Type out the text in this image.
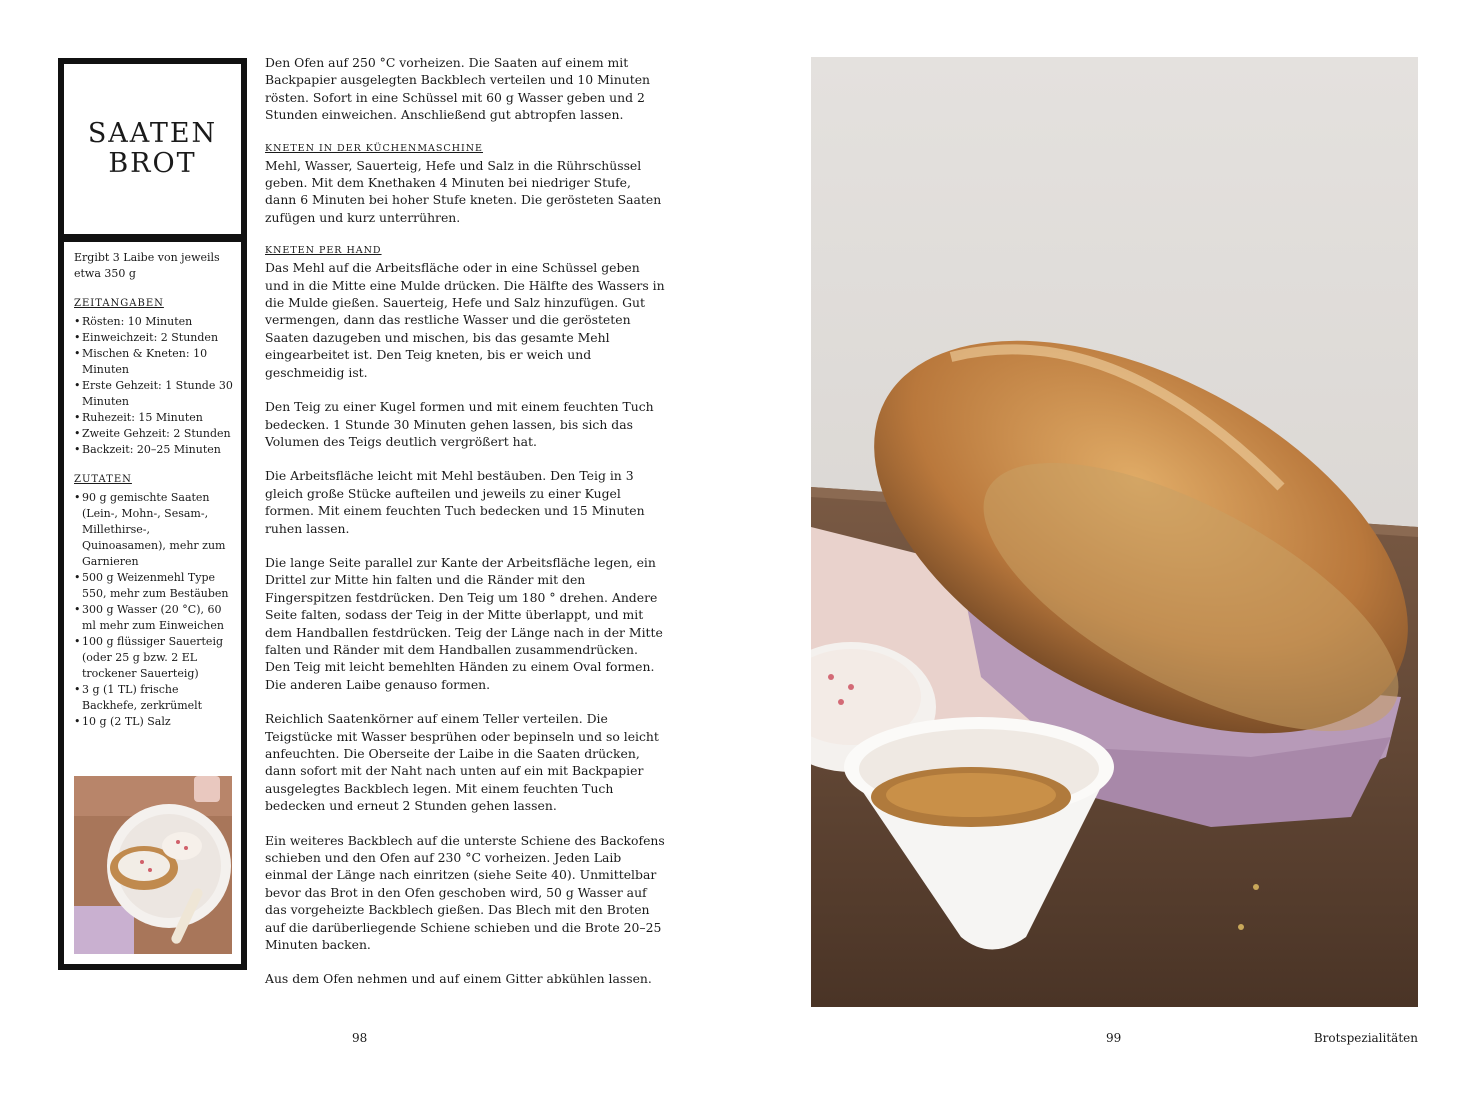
SAATEN
BROT
Ergibt 3 Laibe von jeweils etwa 350 g
ZEITANGABEN
• Rösten: 10 Minuten
• Einweichzeit: 2 Stunden
• Mischen & Kneten: 10 Minuten
• Erste Gehzeit: 1 Stunde 30 Minuten
• Ruhezeit: 15 Minuten
• Zweite Gehzeit: 2 Stunden
• Backzeit: 20–25 Minuten
ZUTATEN
• 90 g gemischte Saaten (Lein-, Mohn-, Sesam-, Millethirse-, Quinoasamen), mehr zum Garnieren
• 500 g Weizenmehl Type 550, mehr zum Bestäuben
• 300 g Wasser (20 °C), 60 ml mehr zum Einweichen
• 100 g flüssiger Sauerteig (oder 25 g bzw. 2 EL trockener Sauerteig)
• 3 g (1 TL) frische Backhefe, zerkrümelt
• 10 g (2 TL) Salz

Den Ofen auf 250 °C vorheizen. Die Saaten auf einem mit Backpapier ausgelegten Backblech verteilen und 10 Minuten rösten. Sofort in eine Schüssel mit 60 g Wasser geben und 2 Stunden einweichen. Anschließend gut abtropfen lassen.

KNETEN IN DER KÜCHENMASCHINE

Mehl, Wasser, Sauerteig, Hefe und Salz in die Rührschüssel geben. Mit dem Knethaken 4 Minuten bei niedriger Stufe, dann 6 Minuten bei hoher Stufe kneten. Die gerösteten Saaten zufügen und kurz unterrühren.

KNETEN PER HAND

Das Mehl auf die Arbeitsfläche oder in eine Schüssel geben und in die Mitte eine Mulde drücken. Die Hälfte des Wassers in die Mulde gießen. Sauerteig, Hefe und Salz hinzufügen. Gut vermengen, dann das restliche Wasser und die gerösteten Saaten dazugeben und mischen, bis das gesamte Mehl eingearbeitet ist. Den Teig kneten, bis er weich und geschmeidig ist.

Den Teig zu einer Kugel formen und mit einem feuchten Tuch bedecken. 1 Stunde 30 Minuten gehen lassen, bis sich das Volumen des Teigs deutlich vergrößert hat.

Die Arbeitsfläche leicht mit Mehl bestäuben. Den Teig in 3 gleich große Stücke aufteilen und jeweils zu einer Kugel formen. Mit einem feuchten Tuch bedecken und 15 Minuten ruhen lassen.

Die lange Seite parallel zur Kante der Arbeitsfläche legen, ein Drittel zur Mitte hin falten und die Ränder mit den Fingerspitzen festdrücken. Den Teig um 180 ° drehen. Andere Seite falten, sodass der Teig in der Mitte überlappt, und mit dem Handballen festdrücken. Teig der Länge nach in der Mitte falten und Ränder mit dem Handballen zusammendrücken. Den Teig mit leicht bemehlten Händen zu einem Oval formen. Die anderen Laibe genauso formen.

Reichlich Saatenkörner auf einem Teller verteilen. Die Teigstücke mit Wasser besprühen oder bepinseln und so leicht anfeuchten. Die Oberseite der Laibe in die Saaten drücken, dann sofort mit der Naht nach unten auf ein mit Backpapier ausgelegtes Backblech legen. Mit einem feuchten Tuch bedecken und erneut 2 Stunden gehen lassen.

Ein weiteres Backblech auf die unterste Schiene des Backofens schieben und den Ofen auf 230 °C vorheizen. Jeden Laib einmal der Länge nach einritzen (siehe Seite 40). Unmittelbar bevor das Brot in den Ofen geschoben wird, 50 g Wasser auf das vorgeheizte Backblech gießen. Das Blech mit den Broten auf die darüberliegende Schiene schieben und die Brote 20–25 Minuten backen.

Aus dem Ofen nehmen und auf einem Gitter abkühlen lassen.

98	99	Brotspezialitäten
